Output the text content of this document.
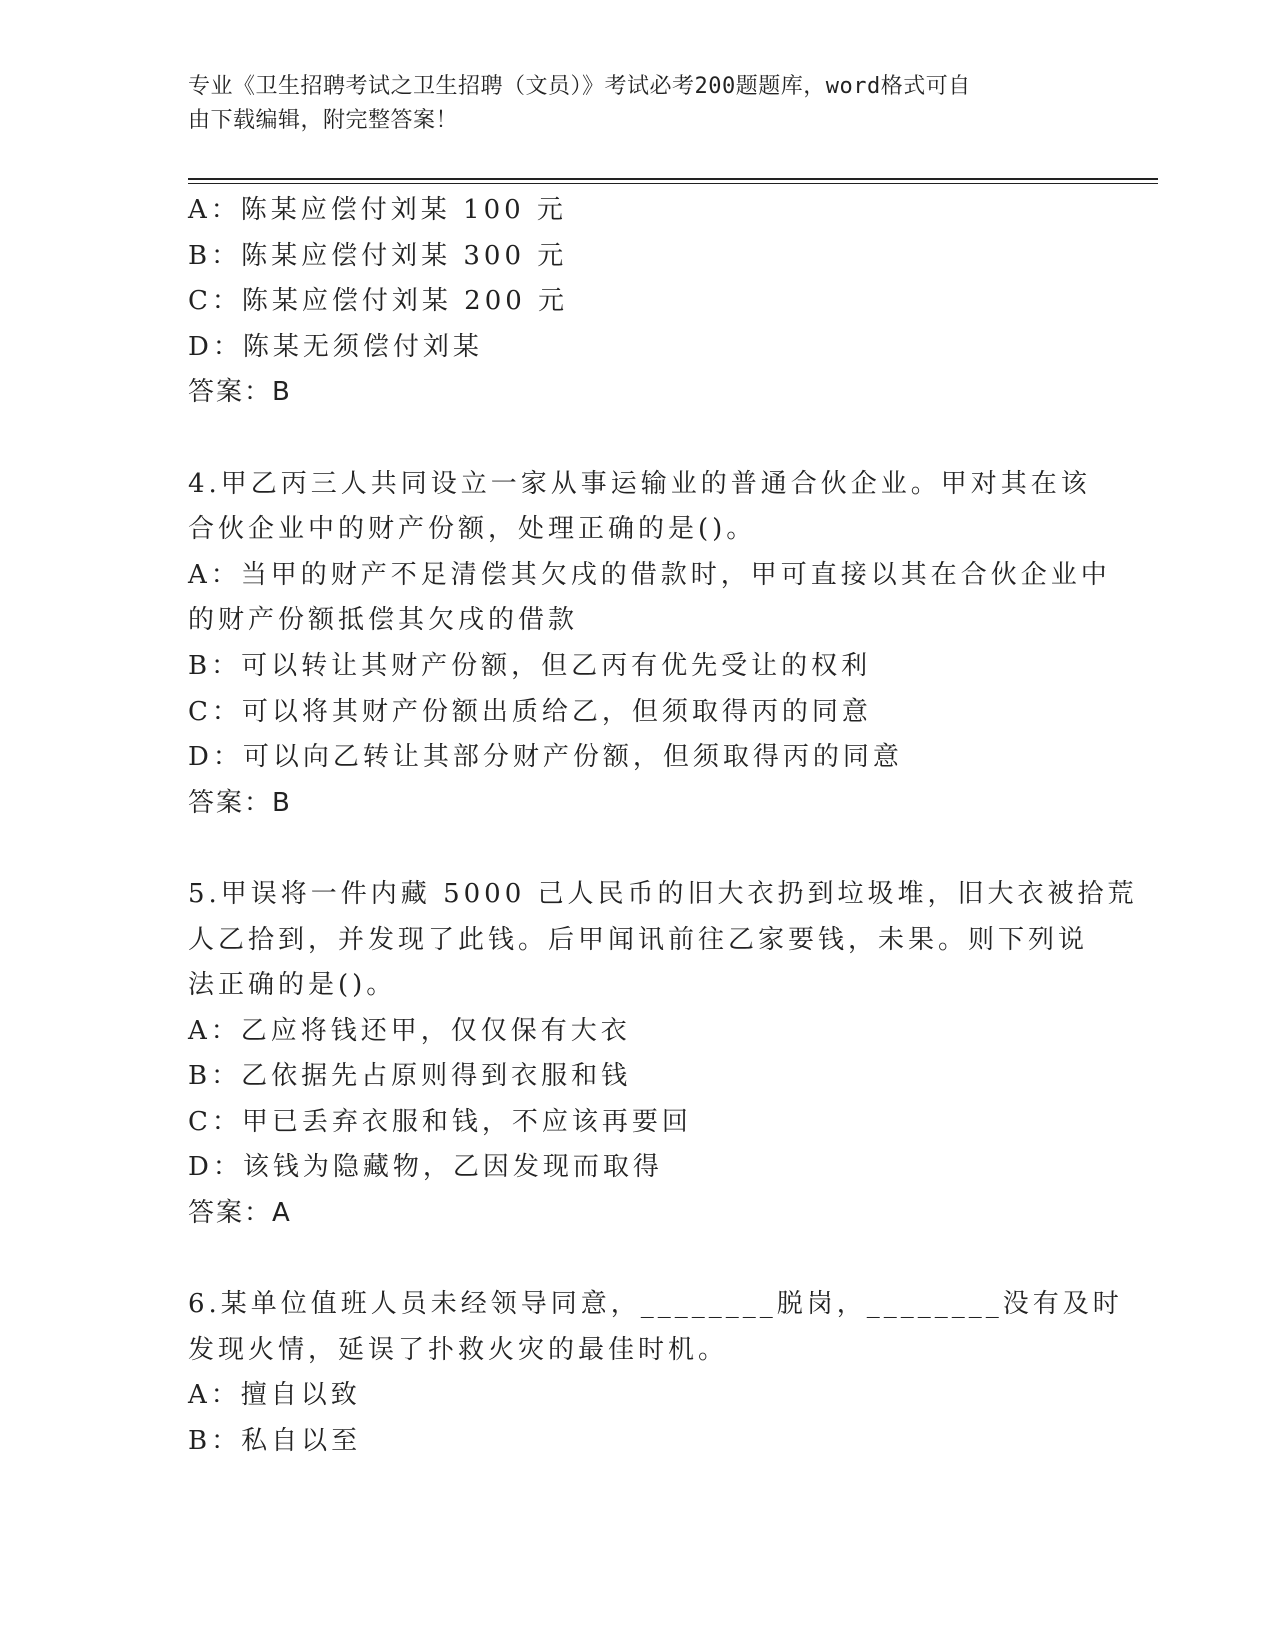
专业《卫生招聘考试之卫生招聘（文员）》考试必考200题题库，word格式可自
由下载编辑，附完整答案！
A：陈某应偿付刘某 100 元
B：陈某应偿付刘某 300 元
C：陈某应偿付刘某 200 元
D：陈某无须偿付刘某
答案：B
4.甲乙丙三人共同设立一家从事运输业的普通合伙企业。甲对其在该
合伙企业中的财产份额，处理正确的是()。
A：当甲的财产不足清偿其欠戌的借款时，甲可直接以其在合伙企业中
的财产份额抵偿其欠戌的借款
B：可以转让其财产份额，但乙丙有优先受让的权利
C：可以将其财产份额出质给乙，但须取得丙的同意
D：可以向乙转让其部分财产份额，但须取得丙的同意
答案：B
5.甲误将一件内藏 5000 己人民币的旧大衣扔到垃圾堆，旧大衣被拾荒
人乙拾到，并发现了此钱。后甲闻讯前往乙家要钱，未果。则下列说
法正确的是()。
A：乙应将钱还甲，仅仅保有大衣
B：乙依据先占原则得到衣服和钱
C：甲已丢弃衣服和钱，不应该再要回
D：该钱为隐藏物，乙因发现而取得
答案：A
6.某单位值班人员未经领导同意，________脱岗，________没有及时
发现火情，延误了扑救火灾的最佳时机。
A：擅自以致
B：私自以至
